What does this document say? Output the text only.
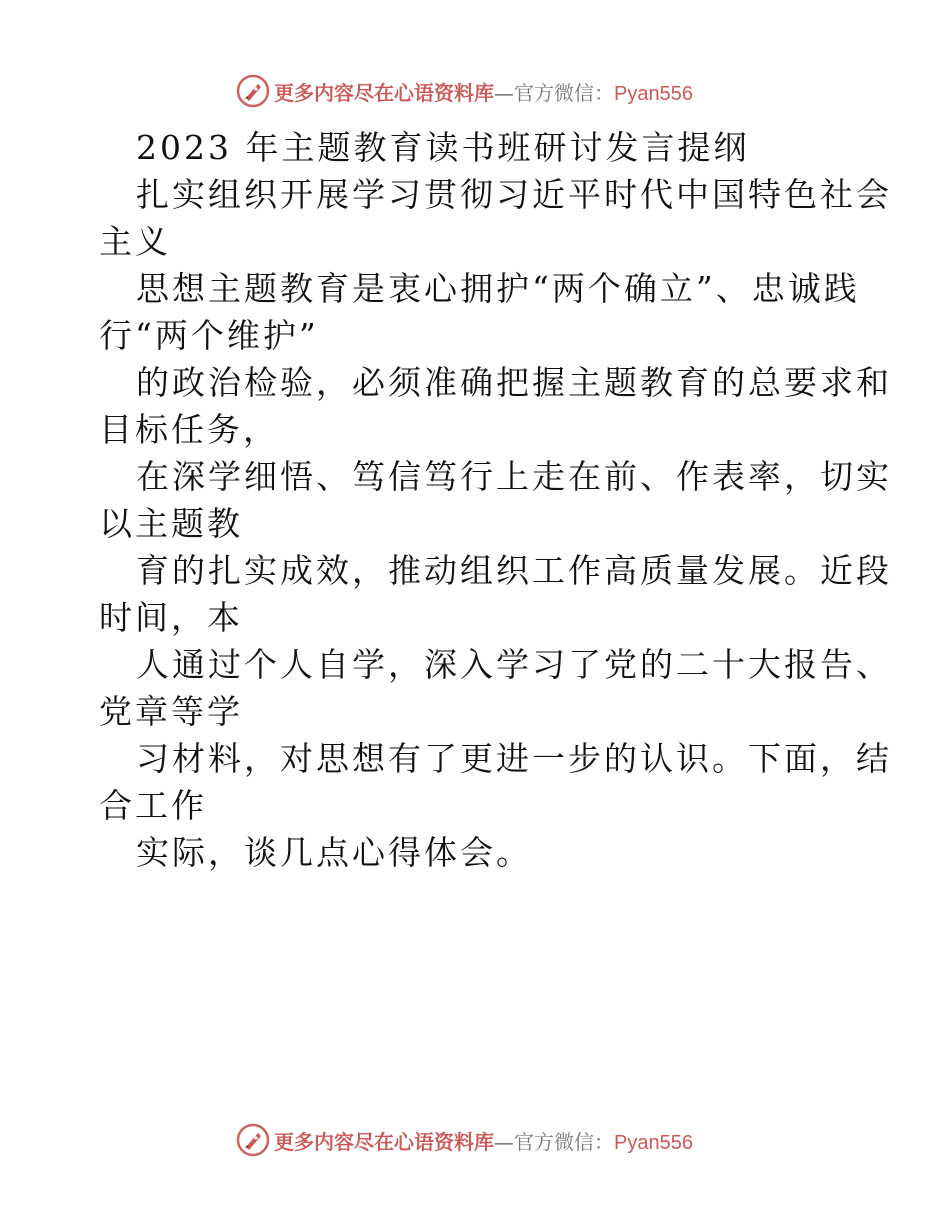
更多内容尽在心语资料库—官方微信：Pyan556
2023 年主题教育读书班研讨发言提纲
扎实组织开展学习贯彻习近平时代中国特色社会
主义
思想主题教育是衷心拥护“两个确立”、忠诚践
行“两个维护”
的政治检验，必须准确把握主题教育的总要求和
目标任务，
在深学细悟、笃信笃行上走在前、作表率，切实
以主题教
育的扎实成效，推动组织工作高质量发展。近段
时间，本
人通过个人自学，深入学习了党的二十大报告、
党章等学
习材料，对思想有了更进一步的认识。下面，结
合工作
实际，谈几点心得体会。
更多内容尽在心语资料库—官方微信：Pyan556
